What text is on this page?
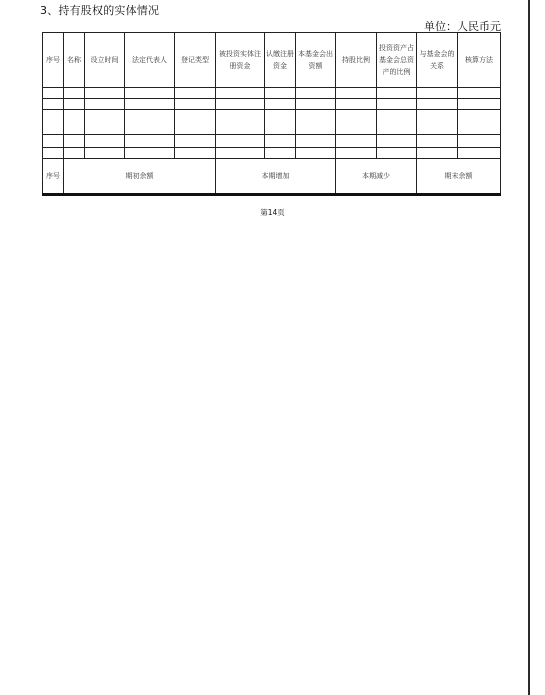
3、持有股权的实体情况
单位：人民币元
序号	名称	设立时间	法定代表人	登记类型	被投资实体注册资金	认缴注册资金	本基金会出资额	持股比例	投资资产占基金会总资产的比例	与基金会的关系	核算方法

序号	期初余额				本期增加			本期减少		期末余额	
第14页
